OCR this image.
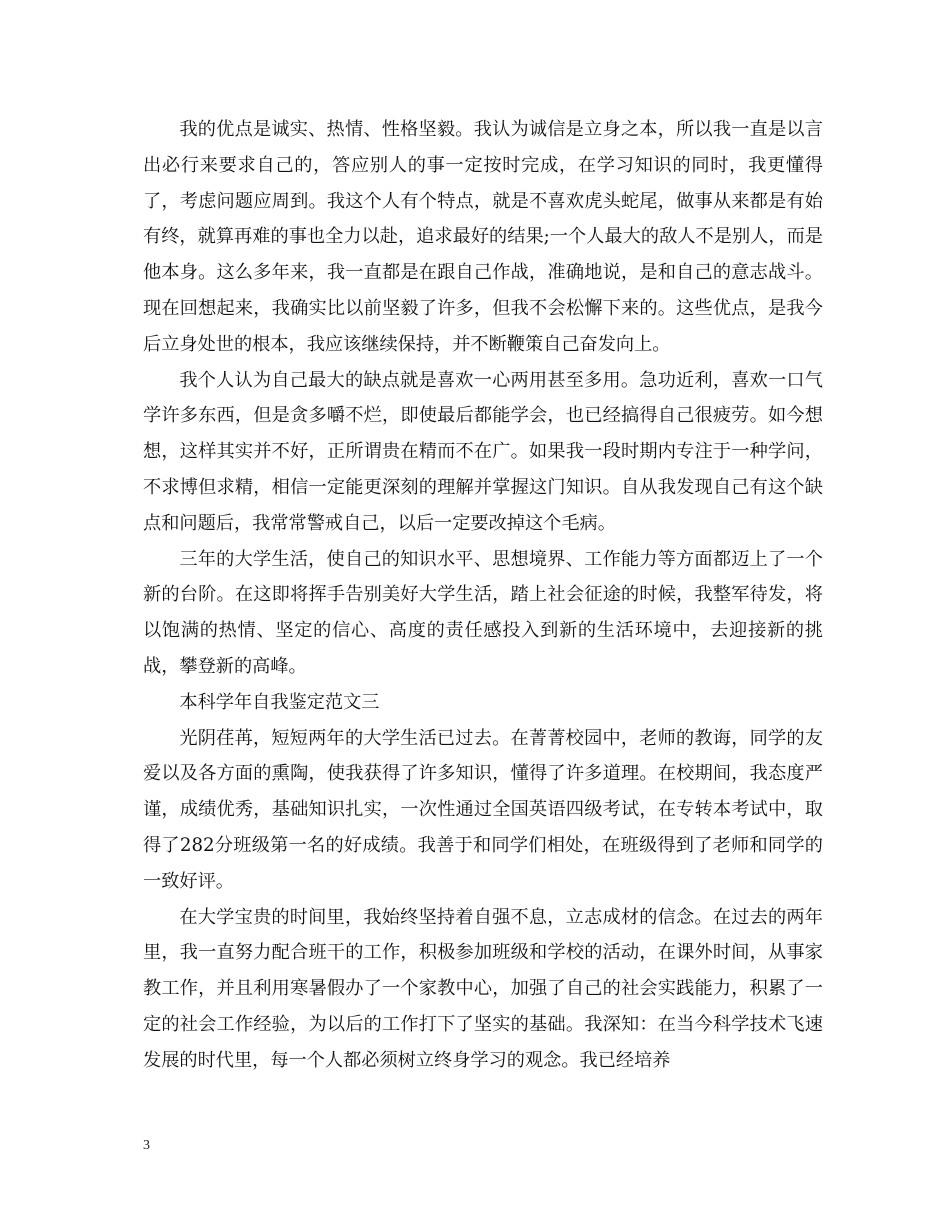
我的优点是诚实、热情、性格坚毅。我认为诚信是立身之本，所以我一直是以言出必行来要求自己的，答应别人的事一定按时完成，在学习知识的同时，我更懂得了，考虑问题应周到。我这个人有个特点，就是不喜欢虎头蛇尾，做事从来都是有始有终，就算再难的事也全力以赴，追求最好的结果;一个人最大的敌人不是别人，而是他本身。这么多年来，我一直都是在跟自己作战，准确地说，是和自己的意志战斗。现在回想起来，我确实比以前坚毅了许多，但我不会松懈下来的。这些优点，是我今后立身处世的根本，我应该继续保持，并不断鞭策自己奋发向上。

我个人认为自己最大的缺点就是喜欢一心两用甚至多用。急功近利，喜欢一口气学许多东西，但是贪多嚼不烂，即使最后都能学会，也已经搞得自己很疲劳。如今想想，这样其实并不好，正所谓贵在精而不在广。如果我一段时期内专注于一种学问，不求博但求精，相信一定能更深刻的理解并掌握这门知识。自从我发现自己有这个缺点和问题后，我常常警戒自己，以后一定要改掉这个毛病。

三年的大学生活，使自己的知识水平、思想境界、工作能力等方面都迈上了一个新的台阶。在这即将挥手告别美好大学生活，踏上社会征途的时候，我整军待发，将以饱满的热情、坚定的信心、高度的责任感投入到新的生活环境中，去迎接新的挑战，攀登新的高峰。

本科学年自我鉴定范文三

光阴荏苒，短短两年的大学生活已过去。在菁菁校园中，老师的教诲，同学的友爱以及各方面的熏陶，使我获得了许多知识，懂得了许多道理。在校期间，我态度严谨，成绩优秀，基础知识扎实，一次性通过全国英语四级考试，在专转本考试中，取得了282分班级第一名的好成绩。我善于和同学们相处，在班级得到了老师和同学的一致好评。

在大学宝贵的时间里，我始终坚持着自强不息，立志成材的信念。在过去的两年里，我一直努力配合班干的工作，积极参加班级和学校的活动，在课外时间，从事家教工作，并且利用寒暑假办了一个家教中心，加强了自己的社会实践能力，积累了一定的社会工作经验，为以后的工作打下了坚实的基础。我深知：在当今科学技术飞速发展的时代里，每一个人都必须树立终身学习的观念。我已经培养

3
